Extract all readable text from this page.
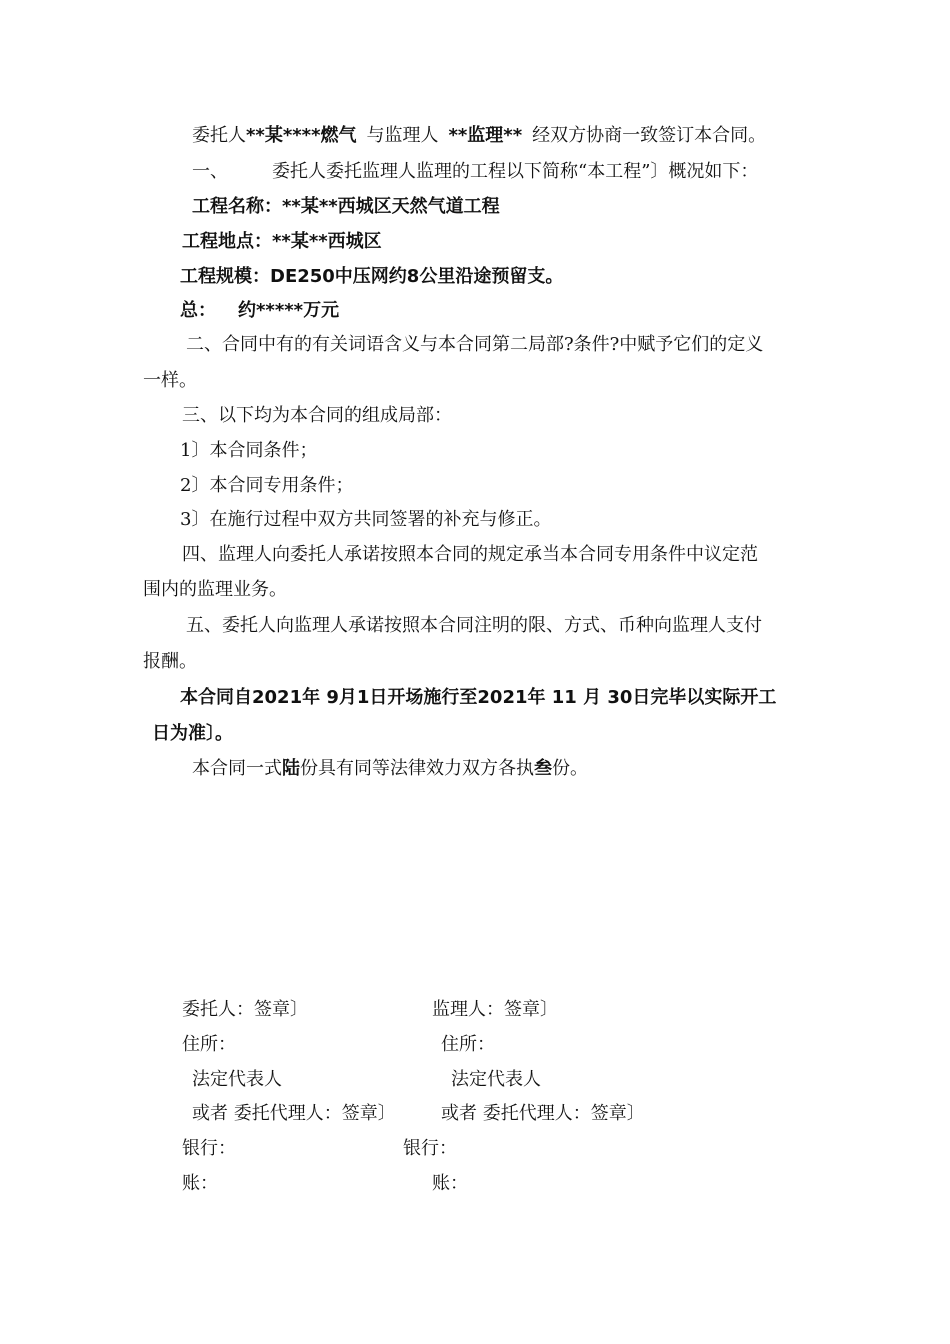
委托人**某****燃气 与监理人 **监理** 经双方协商一致签订本合同。
一、 委托人委托监理人监理的工程以下简称“本工程”〕概况如下：
工程名称：**某**西城区天然气道工程
工程地点：**某**西城区
工程规模：DE250中压网约8公里沿途预留支。
总： 约*****万元
二、合同中有的有关词语含义与本合同第二局部?条件?中赋予它们的定义
一样。
三、以下均为本合同的组成局部：
1〕本合同条件；
2〕本合同专用条件；
3〕在施行过程中双方共同签署的补充与修正。
四、监理人向委托人承诺按照本合同的规定承当本合同专用条件中议定范
围内的监理业务。
五、委托人向监理人承诺按照本合同注明的限、方式、币种向监理人支付
报酬。
本合同自2021年 9月1日开场施行至2021年 11 月 30日完毕以实际开工
日为准〕。
本合同一式陆份具有同等法律效力双方各执叁份。
委托人：签章〕
住所：
法定代表人
或者 委托代理人：签章〕
银行：
账：
监理人：签章〕
住所：
法定代表人
或者 委托代理人：签章〕
银行：
账：
